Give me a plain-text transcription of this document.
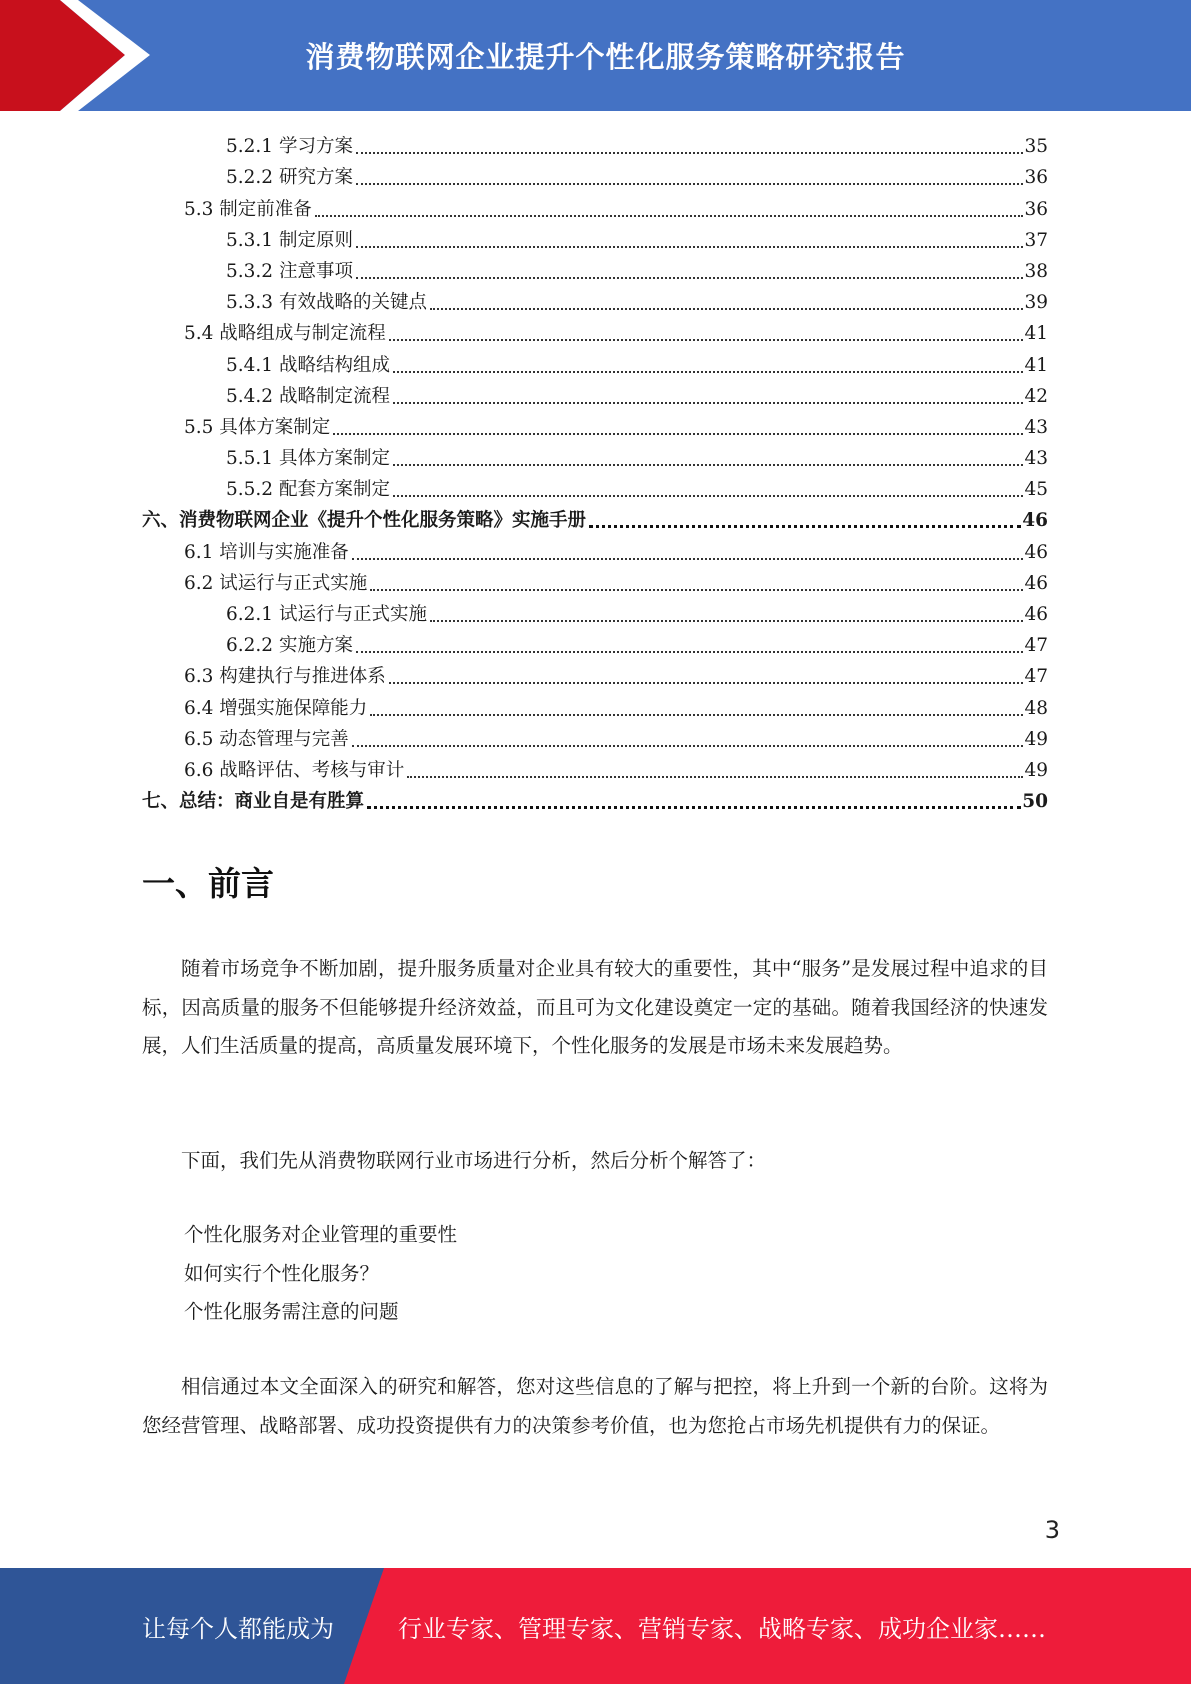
消费物联网企业提升个性化服务策略研究报告
5.2.1 学习方案	35
5.2.2 研究方案	36
5.3 制定前准备	36
5.3.1 制定原则	37
5.3.2 注意事项	38
5.3.3 有效战略的关键点	39
5.4 战略组成与制定流程	41
5.4.1 战略结构组成	41
5.4.2 战略制定流程	42
5.5 具体方案制定	43
5.5.1 具体方案制定	43
5.5.2 配套方案制定	45
六、消费物联网企业《提升个性化服务策略》实施手册	46
6.1 培训与实施准备	46
6.2 试运行与正式实施	46
6.2.1 试运行与正式实施	46
6.2.2 实施方案	47
6.3 构建执行与推进体系	47
6.4 增强实施保障能力	48
6.5 动态管理与完善	49
6.6 战略评估、考核与审计	49
七、总结：商业自是有胜算	50
一、前言

随着市场竞争不断加剧，提升服务质量对企业具有较大的重要性，其中“服务”是发展过程中追求的目标，因高质量的服务不但能够提升经济效益，而且可为文化建设奠定一定的基础。随着我国经济的快速发展，人们生活质量的提高，高质量发展环境下，个性化服务的发展是市场未来发展趋势。

下面，我们先从消费物联网行业市场进行分析，然后分析个解答了：

个性化服务对企业管理的重要性
如何实行个性化服务？
个性化服务需注意的问题

相信通过本文全面深入的研究和解答，您对这些信息的了解与把控，将上升到一个新的台阶。这将为您经营管理、战略部署、成功投资提供有力的决策参考价值，也为您抢占市场先机提供有力的保证。

3
让每个人都能成为	行业专家、管理专家、营销专家、战略专家、成功企业家……
